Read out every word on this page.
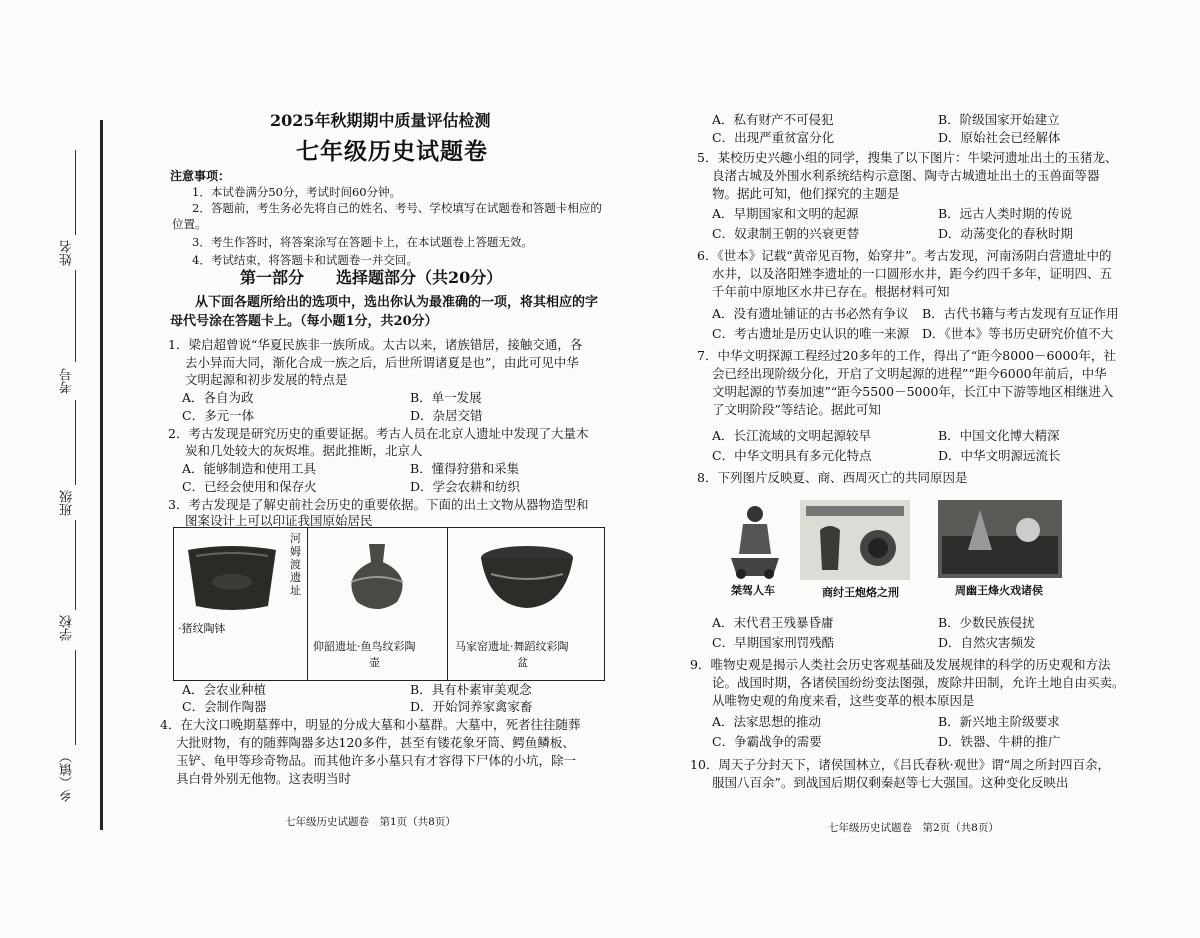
乡（镇）
学校
班级
考号
姓名
2025年秋期期中质量评估检测
七年级历史试题卷
注意事项：
1．本试卷满分50分，考试时间60分钟。
2．答题前，考生务必先将自己的姓名、考号、学校填写在试题卷和答题卡相应的
位置。
3．考生作答时，将答案涂写在答题卡上，在本试题卷上答题无效。
4．考试结束，将答题卡和试题卷一并交回。
第一部分　　选择题部分（共20分）
从下面各题所给出的选项中，选出你认为最准确的一项，将其相应的字
母代号涂在答题卡上。（每小题1分，共20分）
1．梁启超曾说“华夏民族非一族所成。太古以来，诸族错居，接触交通，各
去小异而大同，渐化合成一族之后，后世所谓诸夏是也”，由此可见中华
文明起源和初步发展的特点是
A．各自为政	B．单一发展
C．多元一体	D．杂居交错
2．考古发现是研究历史的重要证据。考古人员在北京人遗址中发现了大量木
炭和几处较大的灰烬堆。据此推断，北京人
A．能够制造和使用工具	B．懂得狩猎和采集
C．已经会使用和保存火	D．学会农耕和纺织
3．考古发现是了解史前社会历史的重要依据。下面的出土文物从器物造型和
图案设计上可以印证我国原始居民
河姆渡遗址
·猪纹陶钵
仰韶遗址·鱼鸟纹彩陶
壶
马家窑遗址·舞蹈纹彩陶
盆
A．会农业种植	B．具有朴素审美观念
C．会制作陶器	D．开始饲养家禽家畜
4．在大汶口晚期墓葬中，明显的分成大墓和小墓群。大墓中，死者往往随葬
大批财物，有的随葬陶器多达120多件，甚至有镂花象牙筒、鳄鱼鳞板、
玉铲、龟甲等珍奇物品。而其他许多小墓只有才容得下尸体的小坑，除一
具白骨外别无他物。这表明当时
七年级历史试题卷　第1页（共8页）
A．私有财产不可侵犯	B．阶级国家开始建立
C．出现严重贫富分化	D．原始社会已经解体
5．某校历史兴趣小组的同学，搜集了以下图片：牛梁河遗址出土的玉猪龙、
良渚古城及外围水利系统结构示意图、陶寺古城遗址出土的玉兽面等器
物。据此可知，他们探究的主题是
A．早期国家和文明的起源	B．远古人类时期的传说
C．奴隶制王朝的兴衰更替	D．动荡变化的春秋时期
6．《世本》记载“黄帝见百物，始穿井”。考古发现，河南汤阴白营遗址中的
水井，以及洛阳矬李遗址的一口圆形水井，距今约四千多年，证明四、五
千年前中原地区水井已存在。根据材料可知
A．没有遗址铺证的古书必然有争议 B．古代书籍与考古发现有互证作用
C．考古遗址是历史认识的唯一来源 D．《世本》等书历史研究价值不大
7．中华文明探源工程经过20多年的工作，得出了“距今8000－6000年，社
会已经出现阶级分化，开启了文明起源的进程”“距今6000年前后，中华
文明起源的节奏加速”“距今5500－5000年，长江中下游等地区相继进入
了文明阶段”等结论。据此可知
A．长江流域的文明起源较早	B．中国文化博大精深
C．中华文明具有多元化特点	D．中华文明源远流长
8．下列图片反映夏、商、西周灭亡的共同原因是
桀驾人车	商纣王炮烙之刑	周幽王烽火戏诸侯
A．末代君王残暴昏庸	B．少数民族侵扰
C．早期国家刑罚残酷	D．自然灾害频发
9．唯物史观是揭示人类社会历史客观基础及发展规律的科学的历史观和方法
论。战国时期，各诸侯国纷纷变法图强，废除井田制，允许土地自由买卖。
从唯物史观的角度来看，这些变革的根本原因是
A．法家思想的推动	B．新兴地主阶级要求
C．争霸战争的需要	D．铁器、牛耕的推广
10．周天子分封天下，诸侯国林立，《吕氏春秋·观世》谓“周之所封四百余，
服国八百余”。到战国后期仅剩秦赵等七大强国。这种变化反映出
七年级历史试题卷　第2页（共8页）
